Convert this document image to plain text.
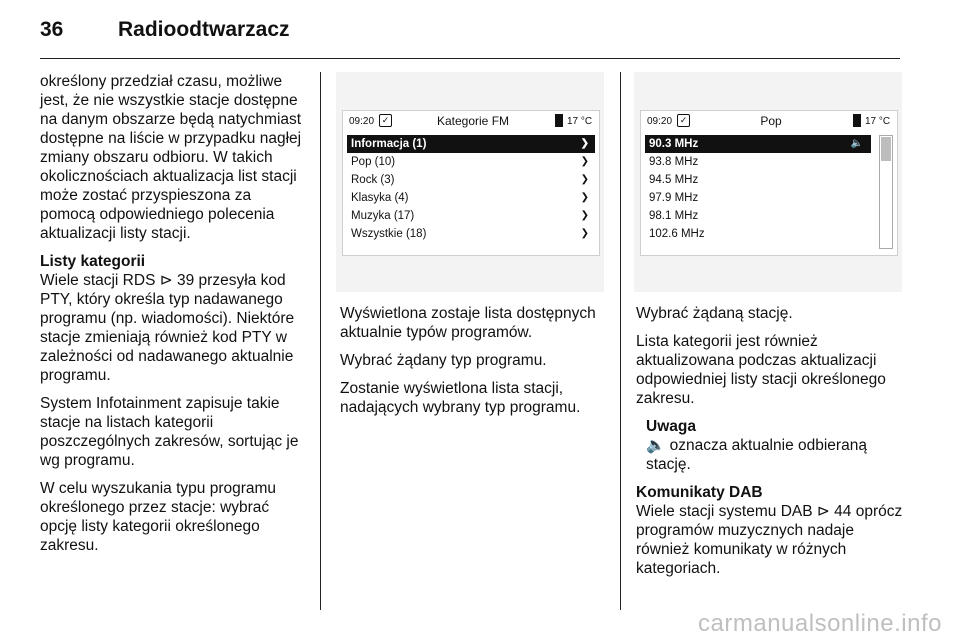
36	Radioodtwarzacz

określony przedział czasu, możliwe jest, że nie wszystkie stacje dostępne na danym obszarze będą natychmiast dostępne na liście w przypadku nagłej zmiany obszaru odbioru. W takich okolicznościach aktualizacja list stacji może zostać przyspieszona za pomocą odpowiedniego polecenia aktualizacji listy stacji.

Listy kategorii

Wiele stacji RDS ⊳ 39 przesyła kod PTY, który określa typ nadawanego programu (np. wiadomości). Niektóre stacje zmieniają również kod PTY w zależności od nadawanego aktualnie programu.

System Infotainment zapisuje takie stacje na listach kategorii poszczególnych zakresów, sortując je wg programu.

W celu wyszukania typu programu określonego przez stacje: wybrać opcję listy kategorii określonego zakresu.

09:20 ✓	Kategorie FM	17 °C
Informacja (1)	❯
Pop (10)	❯
Rock (3)	❯
Klasyka (4)	❯
Muzyka (17)	❯
Wszystkie (18)	❯

Wyświetlona zostaje lista dostępnych aktualnie typów programów.

Wybrać żądany typ programu.

Zostanie wyświetlona lista stacji, nadających wybrany typ programu.

09:20 ✓	Pop	17 °C
90.3 MHz	🔈
93.8 MHz
94.5 MHz
97.9 MHz
98.1 MHz
102.6 MHz

Wybrać żądaną stację.

Lista kategorii jest również aktualizowana podczas aktualizacji odpowiedniej listy stacji określonego zakresu.

Uwaga

🔈 oznacza aktualnie odbieraną stację.

Komunikaty DAB

Wiele stacji systemu DAB ⊳ 44 oprócz programów muzycznych nadaje również komunikaty w różnych kategoriach.

carmanualsonline.info
